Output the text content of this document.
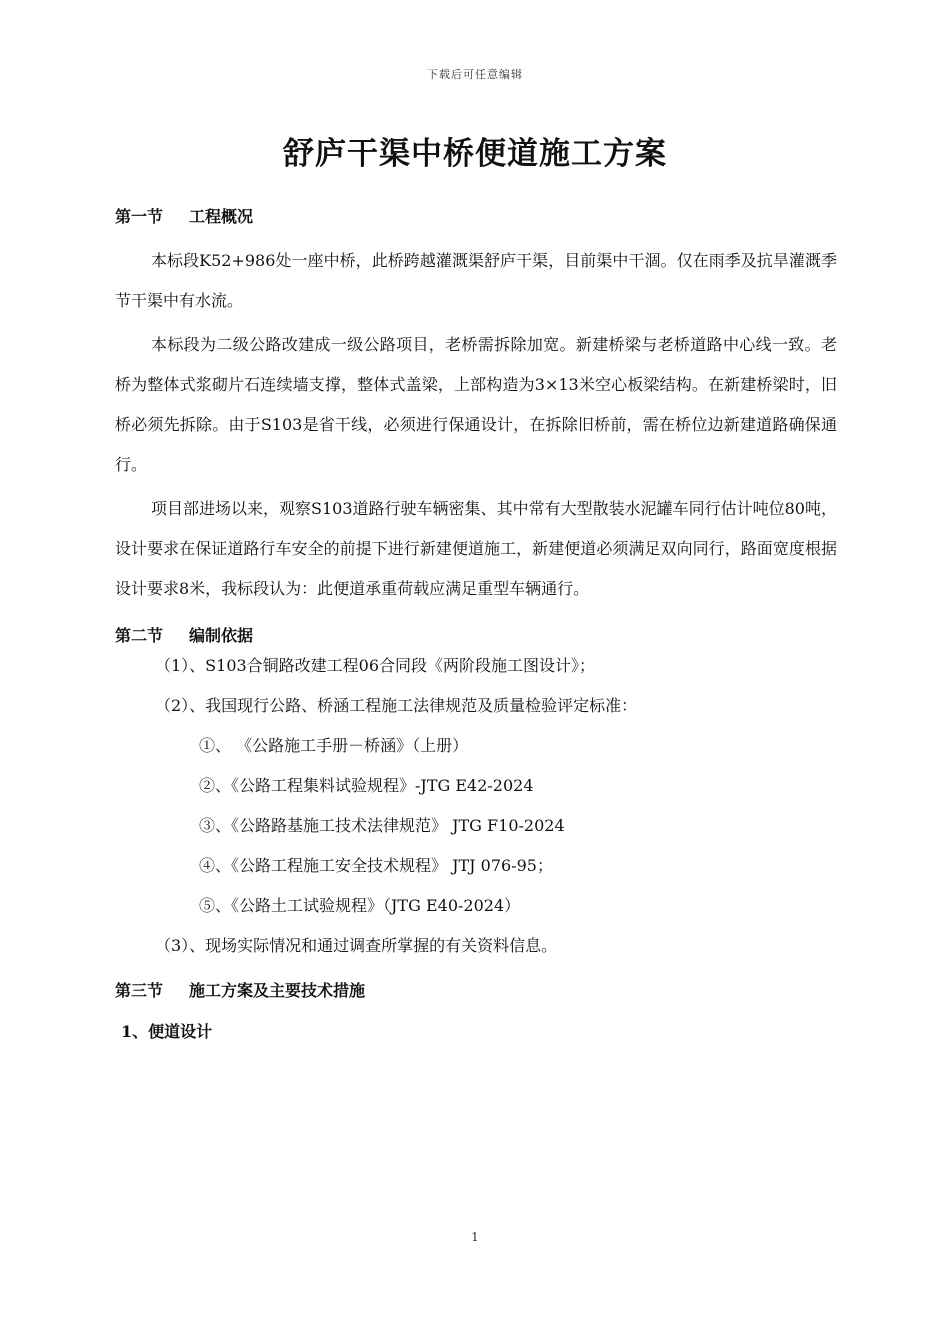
下载后可任意编辑
舒庐干渠中桥便道施工方案

第一节 工程概况

本标段K52+986处一座中桥，此桥跨越灌溉渠舒庐干渠，目前渠中干涸。仅在雨季及抗旱灌溉季节干渠中有水流。

本标段为二级公路改建成一级公路项目，老桥需拆除加宽。新建桥梁与老桥道路中心线一致。老桥为整体式浆砌片石连续墙支撑，整体式盖梁，上部构造为3×13米空心板梁结构。在新建桥梁时，旧桥必须先拆除。由于S103是省干线，必须进行保通设计，在拆除旧桥前，需在桥位边新建道路确保通行。

项目部进场以来，观察S103道路行驶车辆密集、其中常有大型散装水泥罐车同行估计吨位80吨，设计要求在保证道路行车安全的前提下进行新建便道施工，新建便道必须满足双向同行，路面宽度根据设计要求8米，我标段认为：此便道承重荷载应满足重型车辆通行。

第二节 编制依据

（1）、S103合铜路改建工程06合同段《两阶段施工图设计》；

（2）、我国现行公路、桥涵工程施工法律规范及质量检验评定标准：

①、 《公路施工手册－桥涵》（上册）

②、《公路工程集料试验规程》-JTG E42-2024

③、《公路路基施工技术法律规范》 JTG F10-2024

④、《公路工程施工安全技术规程》 JTJ 076-95；

⑤、《公路土工试验规程》（JTG E40-2024）

（3）、现场实际情况和通过调查所掌握的有关资料信息。

第三节 施工方案及主要技术措施

1、便道设计

1
